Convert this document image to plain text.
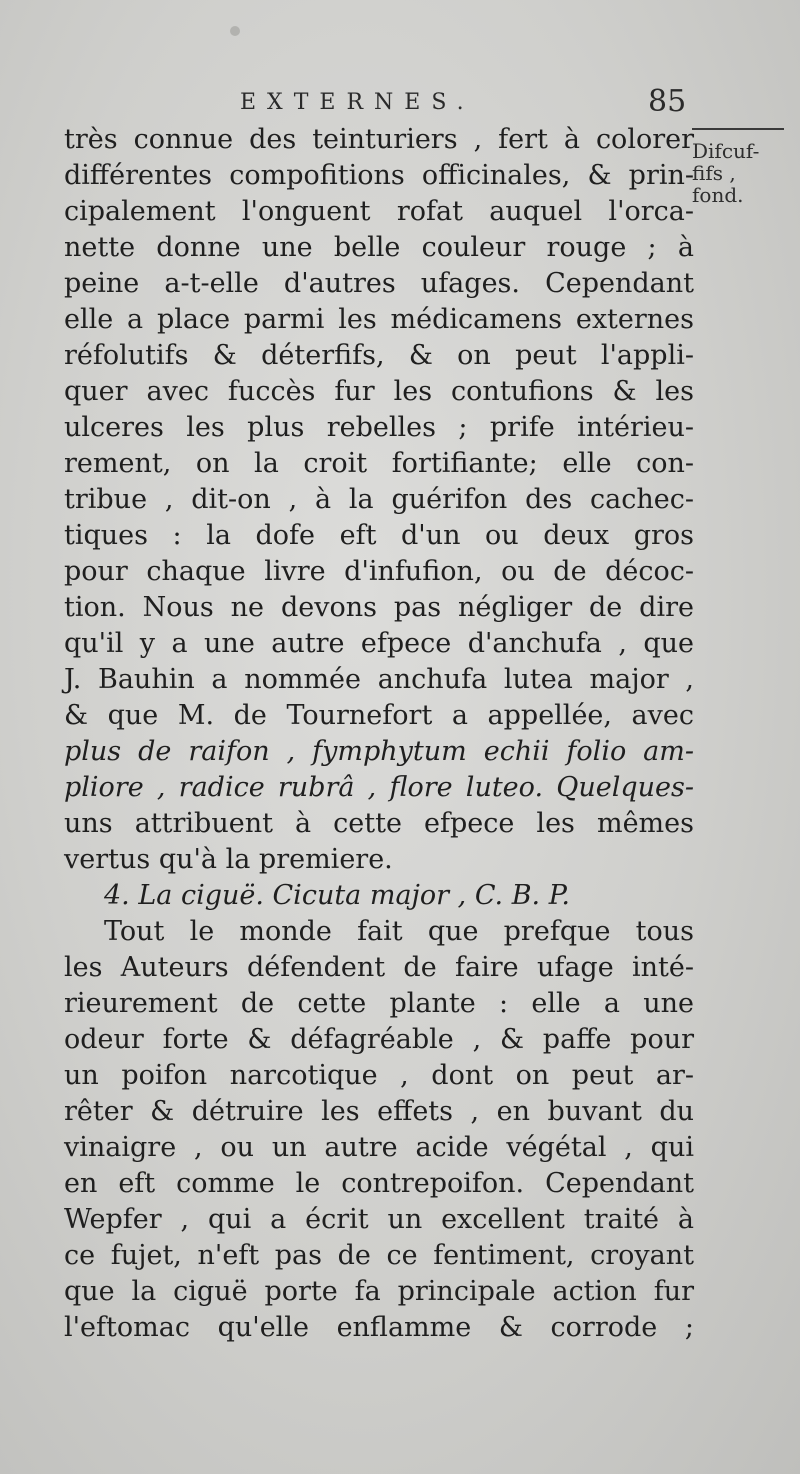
EXTERNES.	85
Difcuf-
fifs ,
fond.
très connue des teinturiers , fert à colorer
différentes compofitions officinales, & prin-
cipalement l'onguent rofat auquel l'orca-
nette donne une belle couleur rouge ; à
peine a-t-elle d'autres ufages. Cependant
elle a place parmi les médicamens externes
réfolutifs & déterfifs, & on peut l'appli-
quer avec fuccès fur les contufions & les
ulceres les plus rebelles ; prife intérieu-
rement, on la croit fortifiante; elle con-
tribue , dit-on , à la guérifon des cachec-
tiques : la dofe eft d'un ou deux gros
pour chaque livre d'infufion, ou de décoc-
tion. Nous ne devons pas négliger de dire
qu'il y a une autre efpece d'anchufa , que
J. Bauhin a nommée anchufa lutea major ,
& que M. de Tournefort a appellée, avec
plus de raifon , fymphytum echii folio am-
pliore , radice rubrâ , flore luteo. Quelques-
uns attribuent à cette efpece les mêmes
vertus qu'à la premiere.
4. La ciguë. Cicuta major , C. B. P.
Tout le monde fait que prefque tous
les Auteurs défendent de faire ufage inté-
rieurement de cette plante : elle a une
odeur forte & défagréable , & paffe pour
un poifon narcotique , dont on peut ar-
rêter & détruire les effets , en buvant du
vinaigre , ou un autre acide végétal , qui
en eft comme le contrepoifon. Cependant
Wepfer , qui a écrit un excellent traité à
ce fujet, n'eft pas de ce fentiment, croyant
que la ciguë porte fa principale action fur
l'eftomac qu'elle enflamme & corrode ;
